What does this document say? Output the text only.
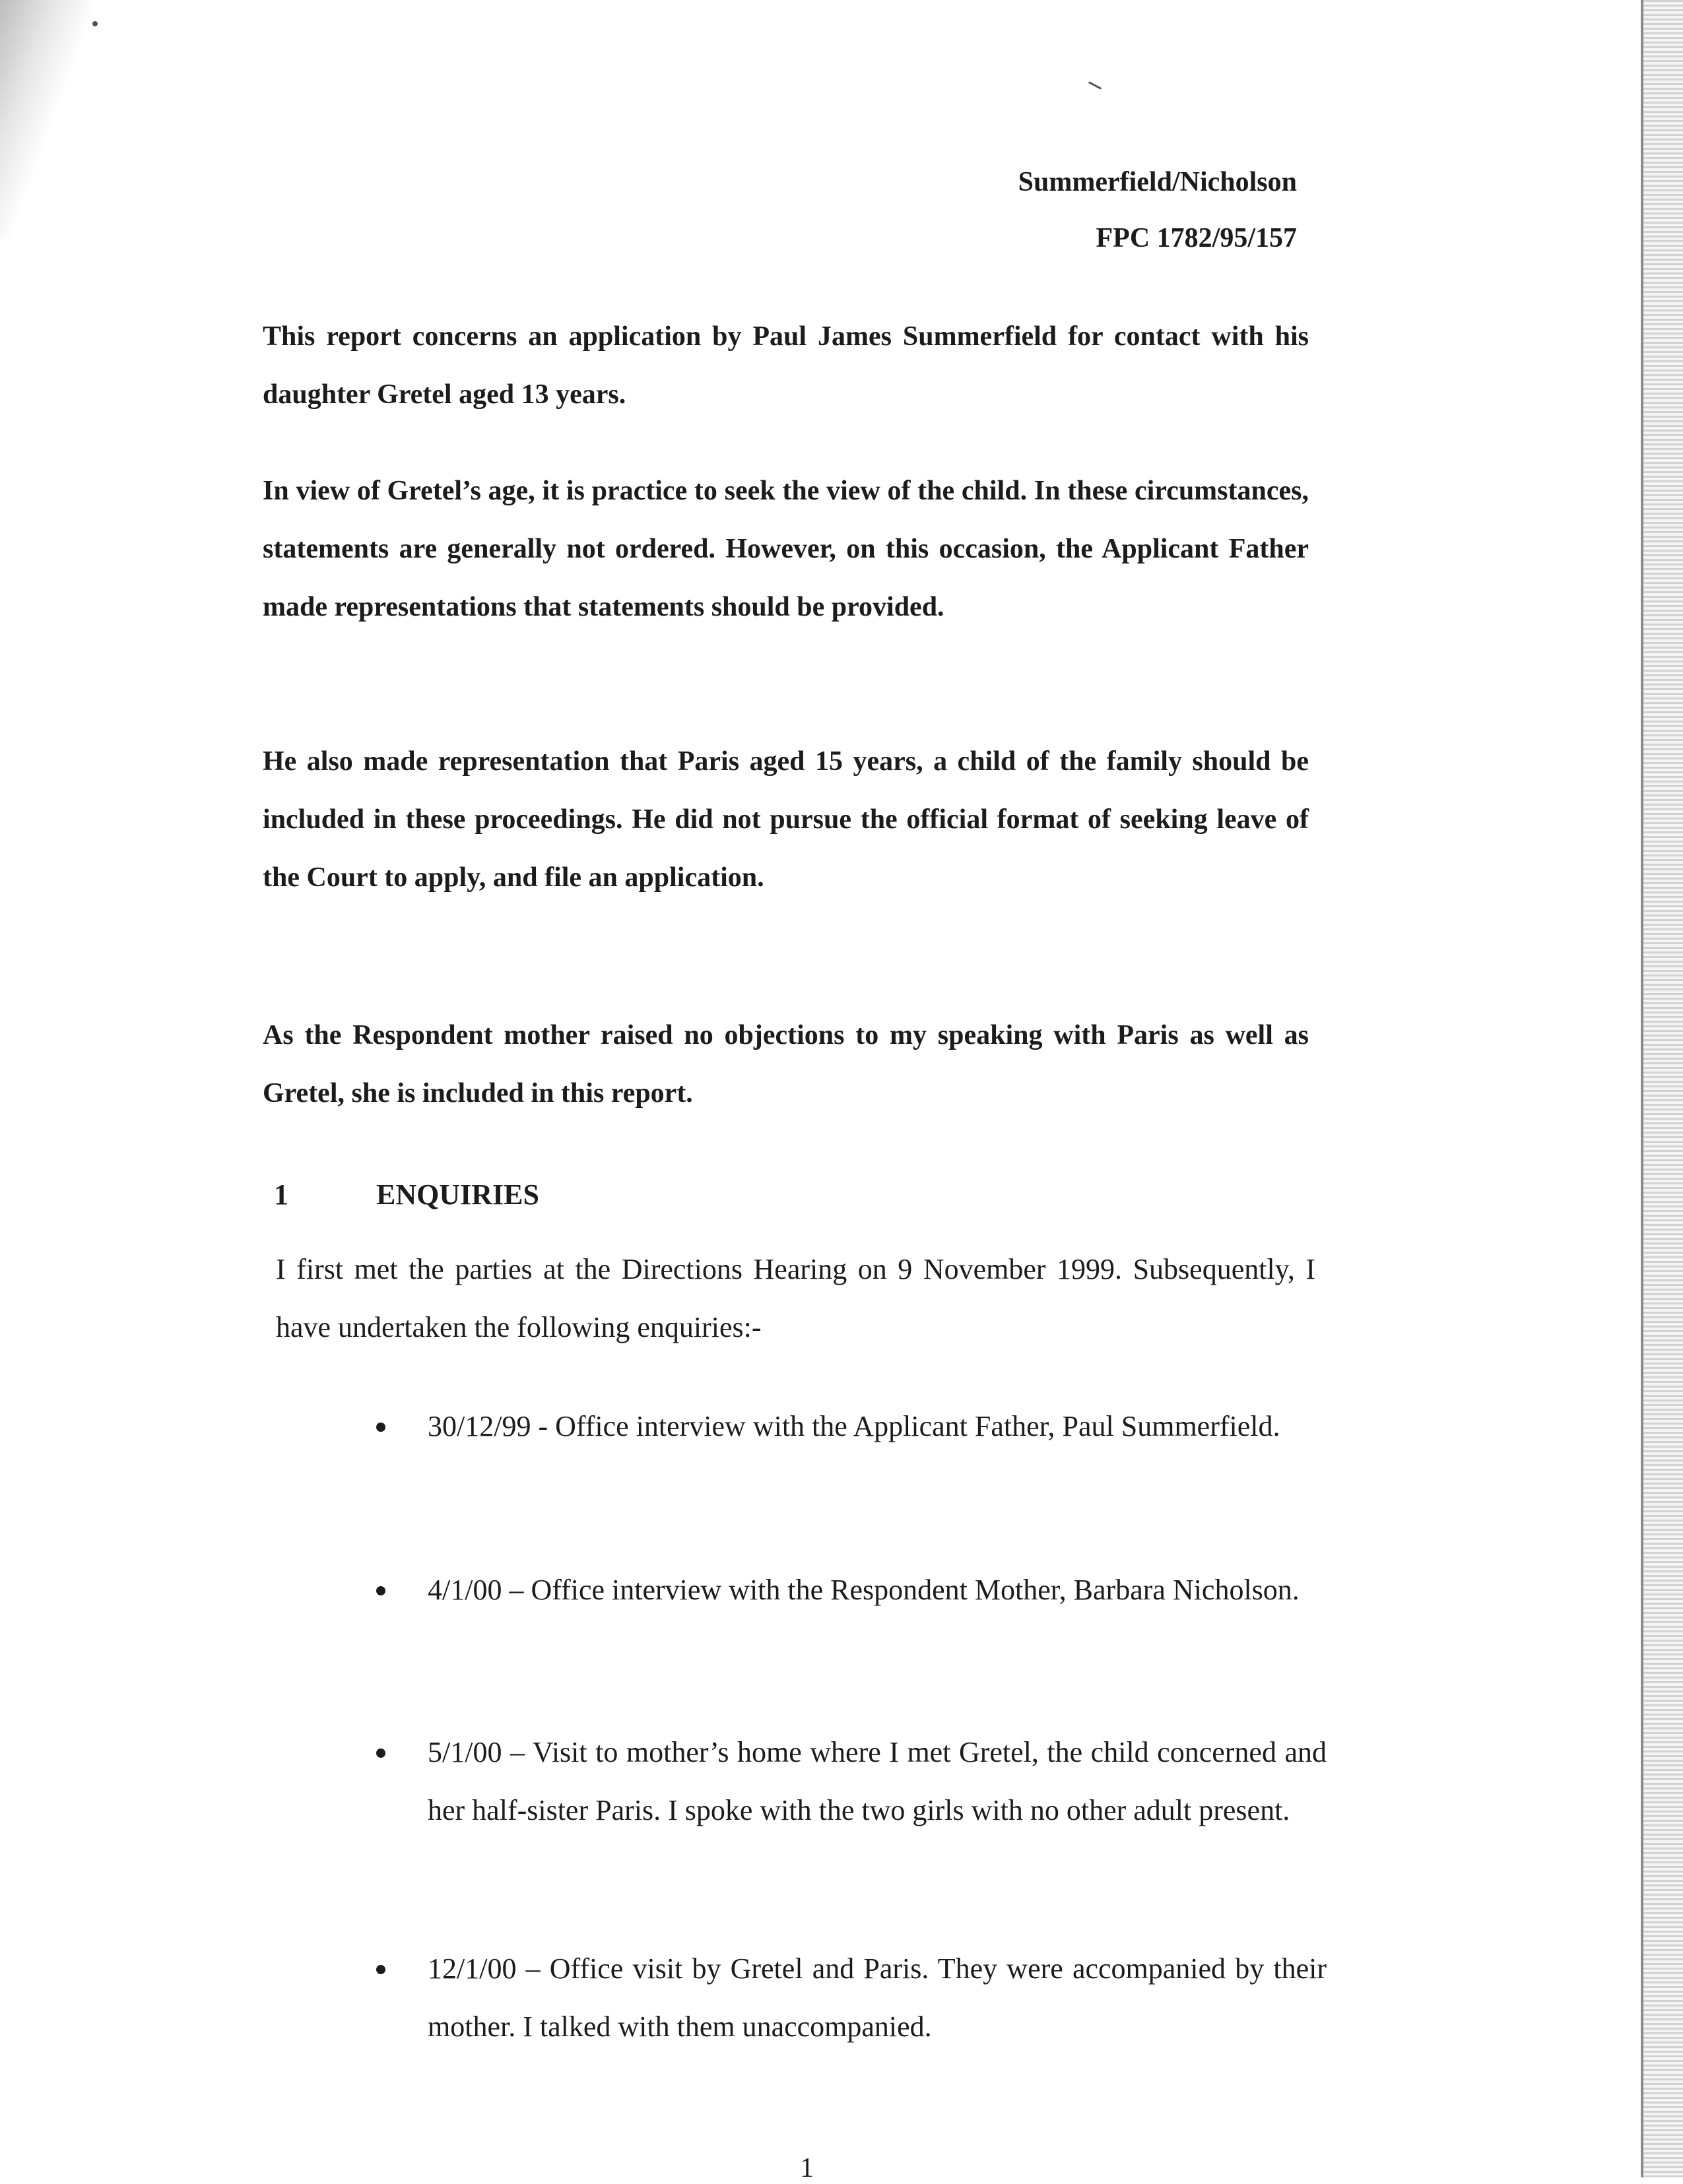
Summerfield/Nicholson
FPC 1782/95/157
This report concerns an application by Paul James Summerfield for contact with his daughter Gretel aged 13 years.
In view of Gretel’s age, it is practice to seek the view of the child. In these circumstances, statements are generally not ordered. However, on this occasion, the Applicant Father made representations that statements should be provided.
He also made representation that Paris aged 15 years, a child of the family should be included in these proceedings. He did not pursue the official format of seeking leave of the Court to apply, and file an application.
As the Respondent mother raised no objections to my speaking with Paris as well as Gretel, she is included in this report.
1	ENQUIRIES
I first met the parties at the Directions Hearing on 9 November 1999. Subsequently, I have undertaken the following enquiries:-
30/12/99 - Office interview with the Applicant Father, Paul Summerfield.
4/1/00 – Office interview with the Respondent Mother, Barbara Nicholson.
5/1/00 – Visit to mother’s home where I met Gretel, the child concerned and her half-sister Paris. I spoke with the two girls with no other adult present.
12/1/00 – Office visit by Gretel and Paris. They were accompanied by their mother. I talked with them unaccompanied.
1
